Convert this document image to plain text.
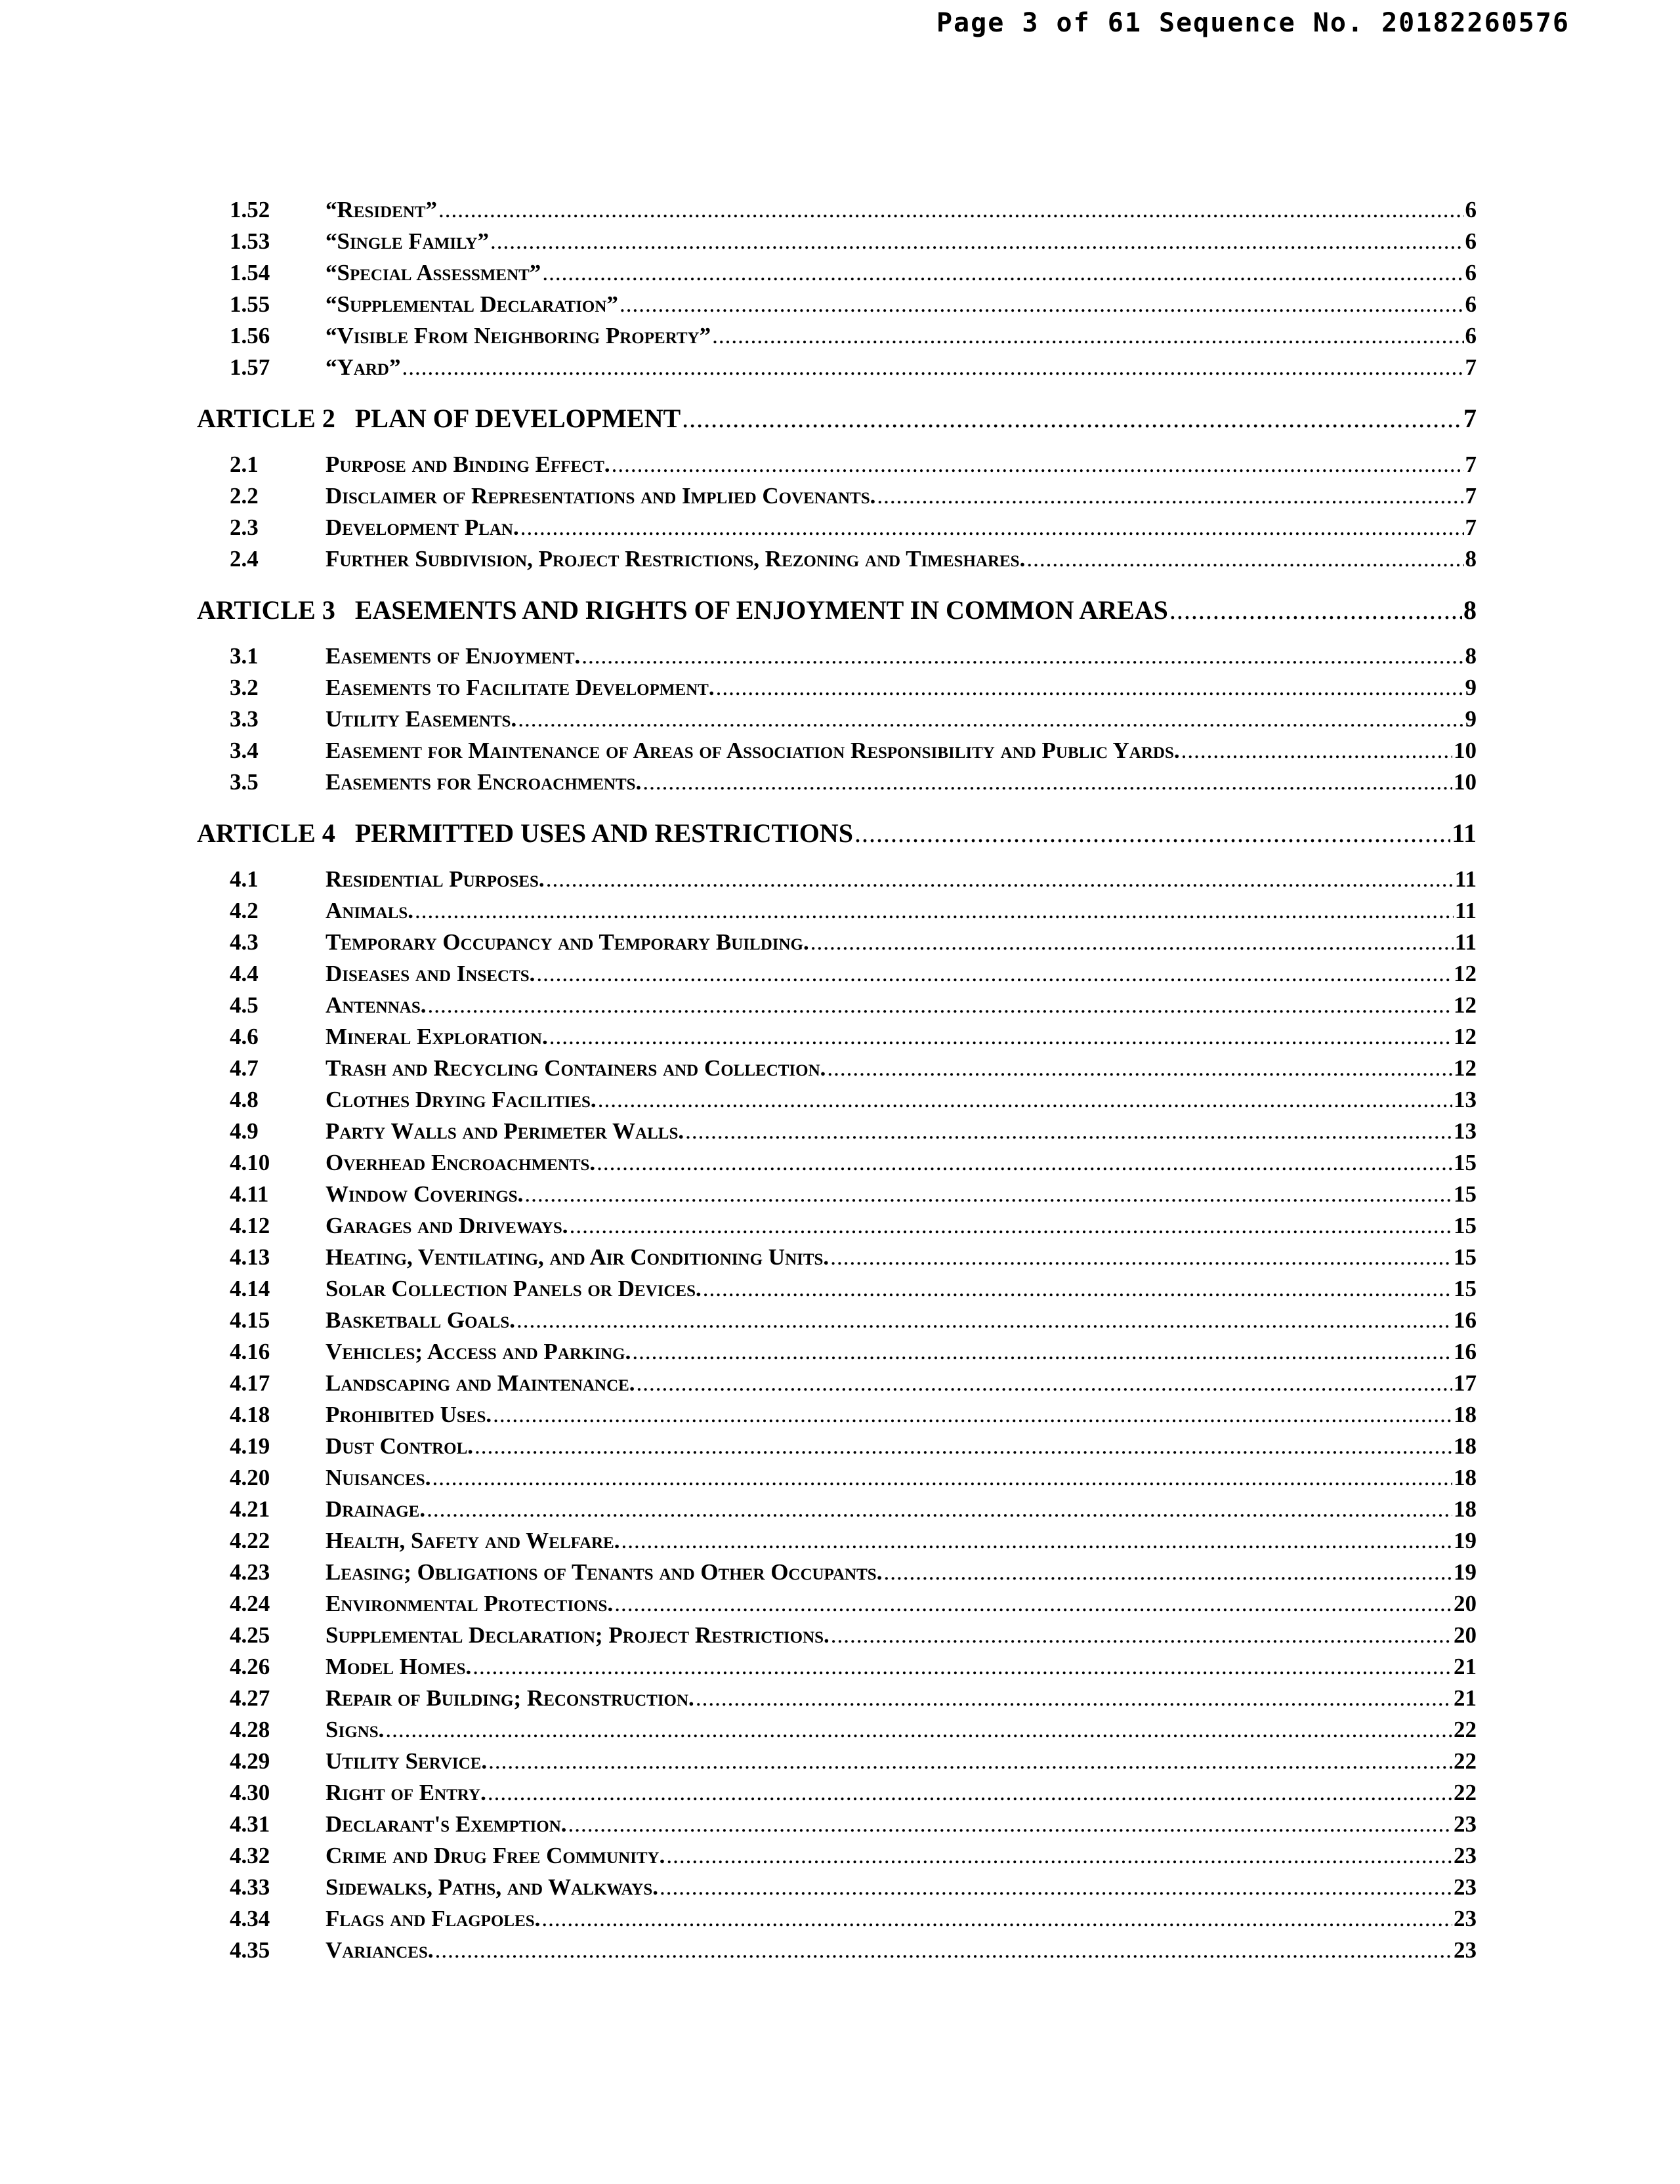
Page 3 of 61 Sequence No. 20182260576
1.52	“Resident” .....	6
1.53	“Single Family” .....	6
1.54	“Special Assessment” .....	6
1.55	“Supplemental Declaration” .....	6
1.56	“Visible From Neighboring Property” .....	6
1.57	“Yard” .....	7
ARTICLE 2   PLAN OF DEVELOPMENT .....	7
2.1	Purpose and Binding Effect. .....	7
2.2	Disclaimer of Representations and Implied Covenants. .....	7
2.3	Development Plan. .....	7
2.4	Further Subdivision, Project Restrictions, Rezoning and Timeshares. .....	8
ARTICLE 3   EASEMENTS AND RIGHTS OF ENJOYMENT IN COMMON AREAS .....	8
3.1	Easements of Enjoyment. .....	8
3.2	Easements to Facilitate Development. .....	9
3.3	Utility Easements. .....	9
3.4	Easement for Maintenance of Areas of Association Responsibility and Public Yards. .....	10
3.5	Easements for Encroachments. .....	10
ARTICLE 4   PERMITTED USES AND RESTRICTIONS .....	11
4.1	Residential Purposes. .....	11
4.2	Animals. .....	11
4.3	Temporary Occupancy and Temporary Building. .....	11
4.4	Diseases and Insects. .....	12
4.5	Antennas. .....	12
4.6	Mineral Exploration. .....	12
4.7	Trash and Recycling Containers and Collection. .....	12
4.8	Clothes Drying Facilities. .....	13
4.9	Party Walls and Perimeter Walls. .....	13
4.10	Overhead Encroachments. .....	15
4.11	Window Coverings. .....	15
4.12	Garages and Driveways. .....	15
4.13	Heating, Ventilating, and Air Conditioning Units. .....	15
4.14	Solar Collection Panels or Devices. .....	15
4.15	Basketball Goals. .....	16
4.16	Vehicles; Access and Parking. .....	16
4.17	Landscaping and Maintenance. .....	17
4.18	Prohibited Uses. .....	18
4.19	Dust Control. .....	18
4.20	Nuisances. .....	18
4.21	Drainage. .....	18
4.22	Health, Safety and Welfare. .....	19
4.23	Leasing; Obligations of Tenants and Other Occupants. .....	19
4.24	Environmental Protections. .....	20
4.25	Supplemental Declaration; Project Restrictions. .....	20
4.26	Model Homes. .....	21
4.27	Repair of Building; Reconstruction. .....	21
4.28	Signs. .....	22
4.29	Utility Service. .....	22
4.30	Right of Entry. .....	22
4.31	Declarant's Exemption. .....	23
4.32	Crime and Drug Free Community. .....	23
4.33	Sidewalks, Paths, and Walkways. .....	23
4.34	Flags and Flagpoles. .....	23
4.35	Variances. .....	23
